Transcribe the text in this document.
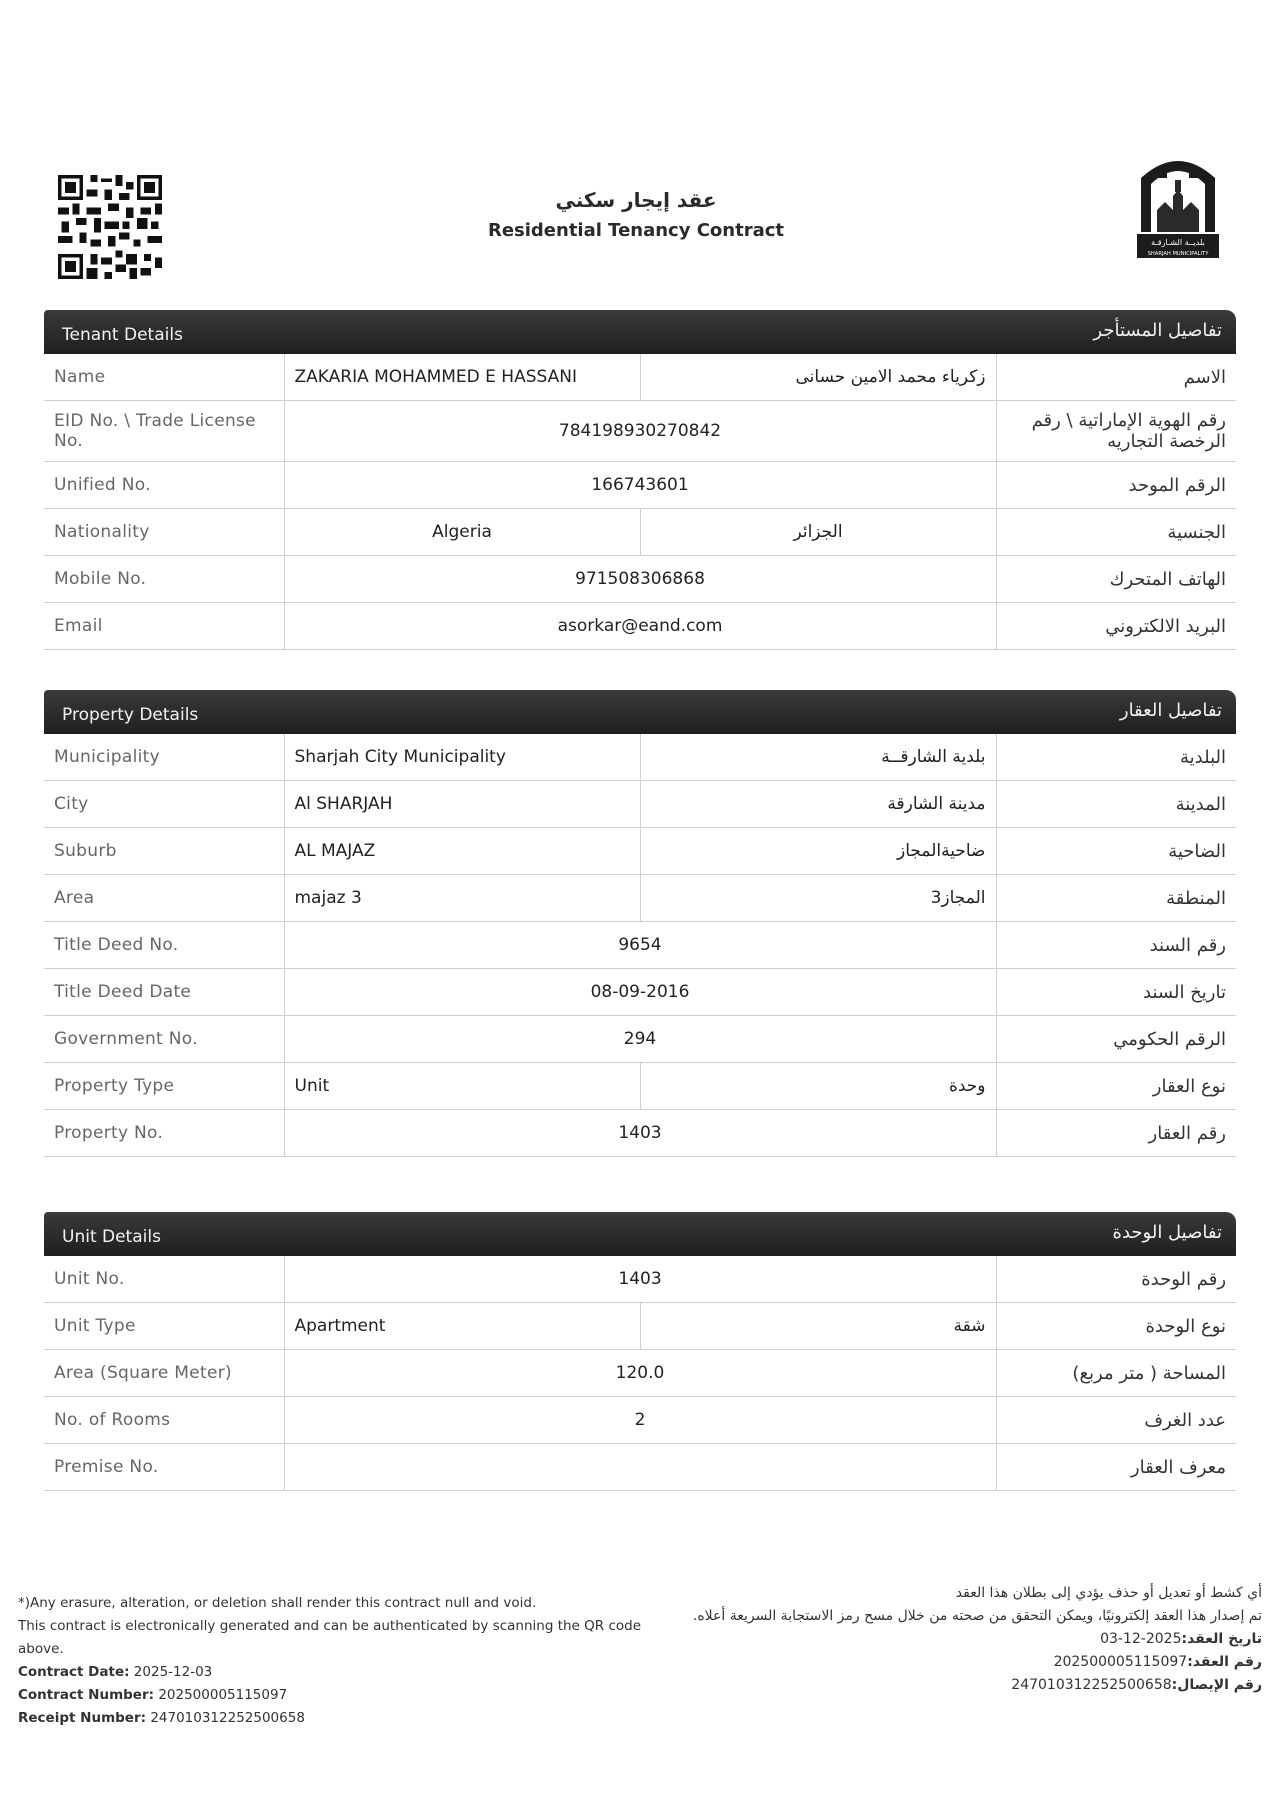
بلديــة الشـارقـة
SHARJAH MUNICIPALITY
عقد إيجار سكني
Residential Tenancy Contract
Tenant Details	تفاصيل المستأجر
Name	ZAKARIA MOHAMMED E HASSANI	زكرياء محمد الامين حسانى	الاسم
EID No. \ Trade License No.	784198930270842		رقم الهوية الإماراتية \ رقم الرخصة التجاريه
Unified No.	166743601		الرقم الموحد
Nationality	Algeria	الجزائر	الجنسية
Mobile No.	971508306868		الهاتف المتحرك
Email	asorkar@eand.com		البريد الالكتروني
Property Details	تفاصيل العقار
Municipality	Sharjah City Municipality	بلدية الشارقــة	البلدية
City	Al SHARJAH	مدينة الشارقة	المدينة
Suburb	AL MAJAZ	ضاحيةالمجاز	الضاحية
Area	majaz 3	المجاز3	المنطقة
Title Deed No.	9654		رقم السند
Title Deed Date	08-09-2016		تاريخ السند
Government No.	294		الرقم الحكومي
Property Type	Unit	وحدة	نوع العقار
Property No.	1403		رقم العقار
Unit Details	تفاصيل الوحدة
Unit No.	1403		رقم الوحدة
Unit Type	Apartment	شقة	نوع الوحدة
Area (Square Meter)	120.0		المساحة ( متر مربع)
No. of Rooms	2		عدد الغرف
Premise No.			معرف العقار
*)Any erasure, alteration, or deletion shall render this contract null and void.
This contract is electronically generated and can be authenticated by scanning the QR code above.
Contract Date: 2025-12-03
Contract Number: 202500005115097
Receipt Number: 247010312252500658
أي كشط أو تعديل أو حذف يؤدي إلى بطلان هذا العقد
تم إصدار هذا العقد إلكترونيًا، ويمكن التحقق من صحته من خلال مسح رمز الاستجابة السريعة أعلاه.
تاريخ العقد:2025-12-03
رقم العقد:202500005115097
رقم الإيصال:247010312252500658
